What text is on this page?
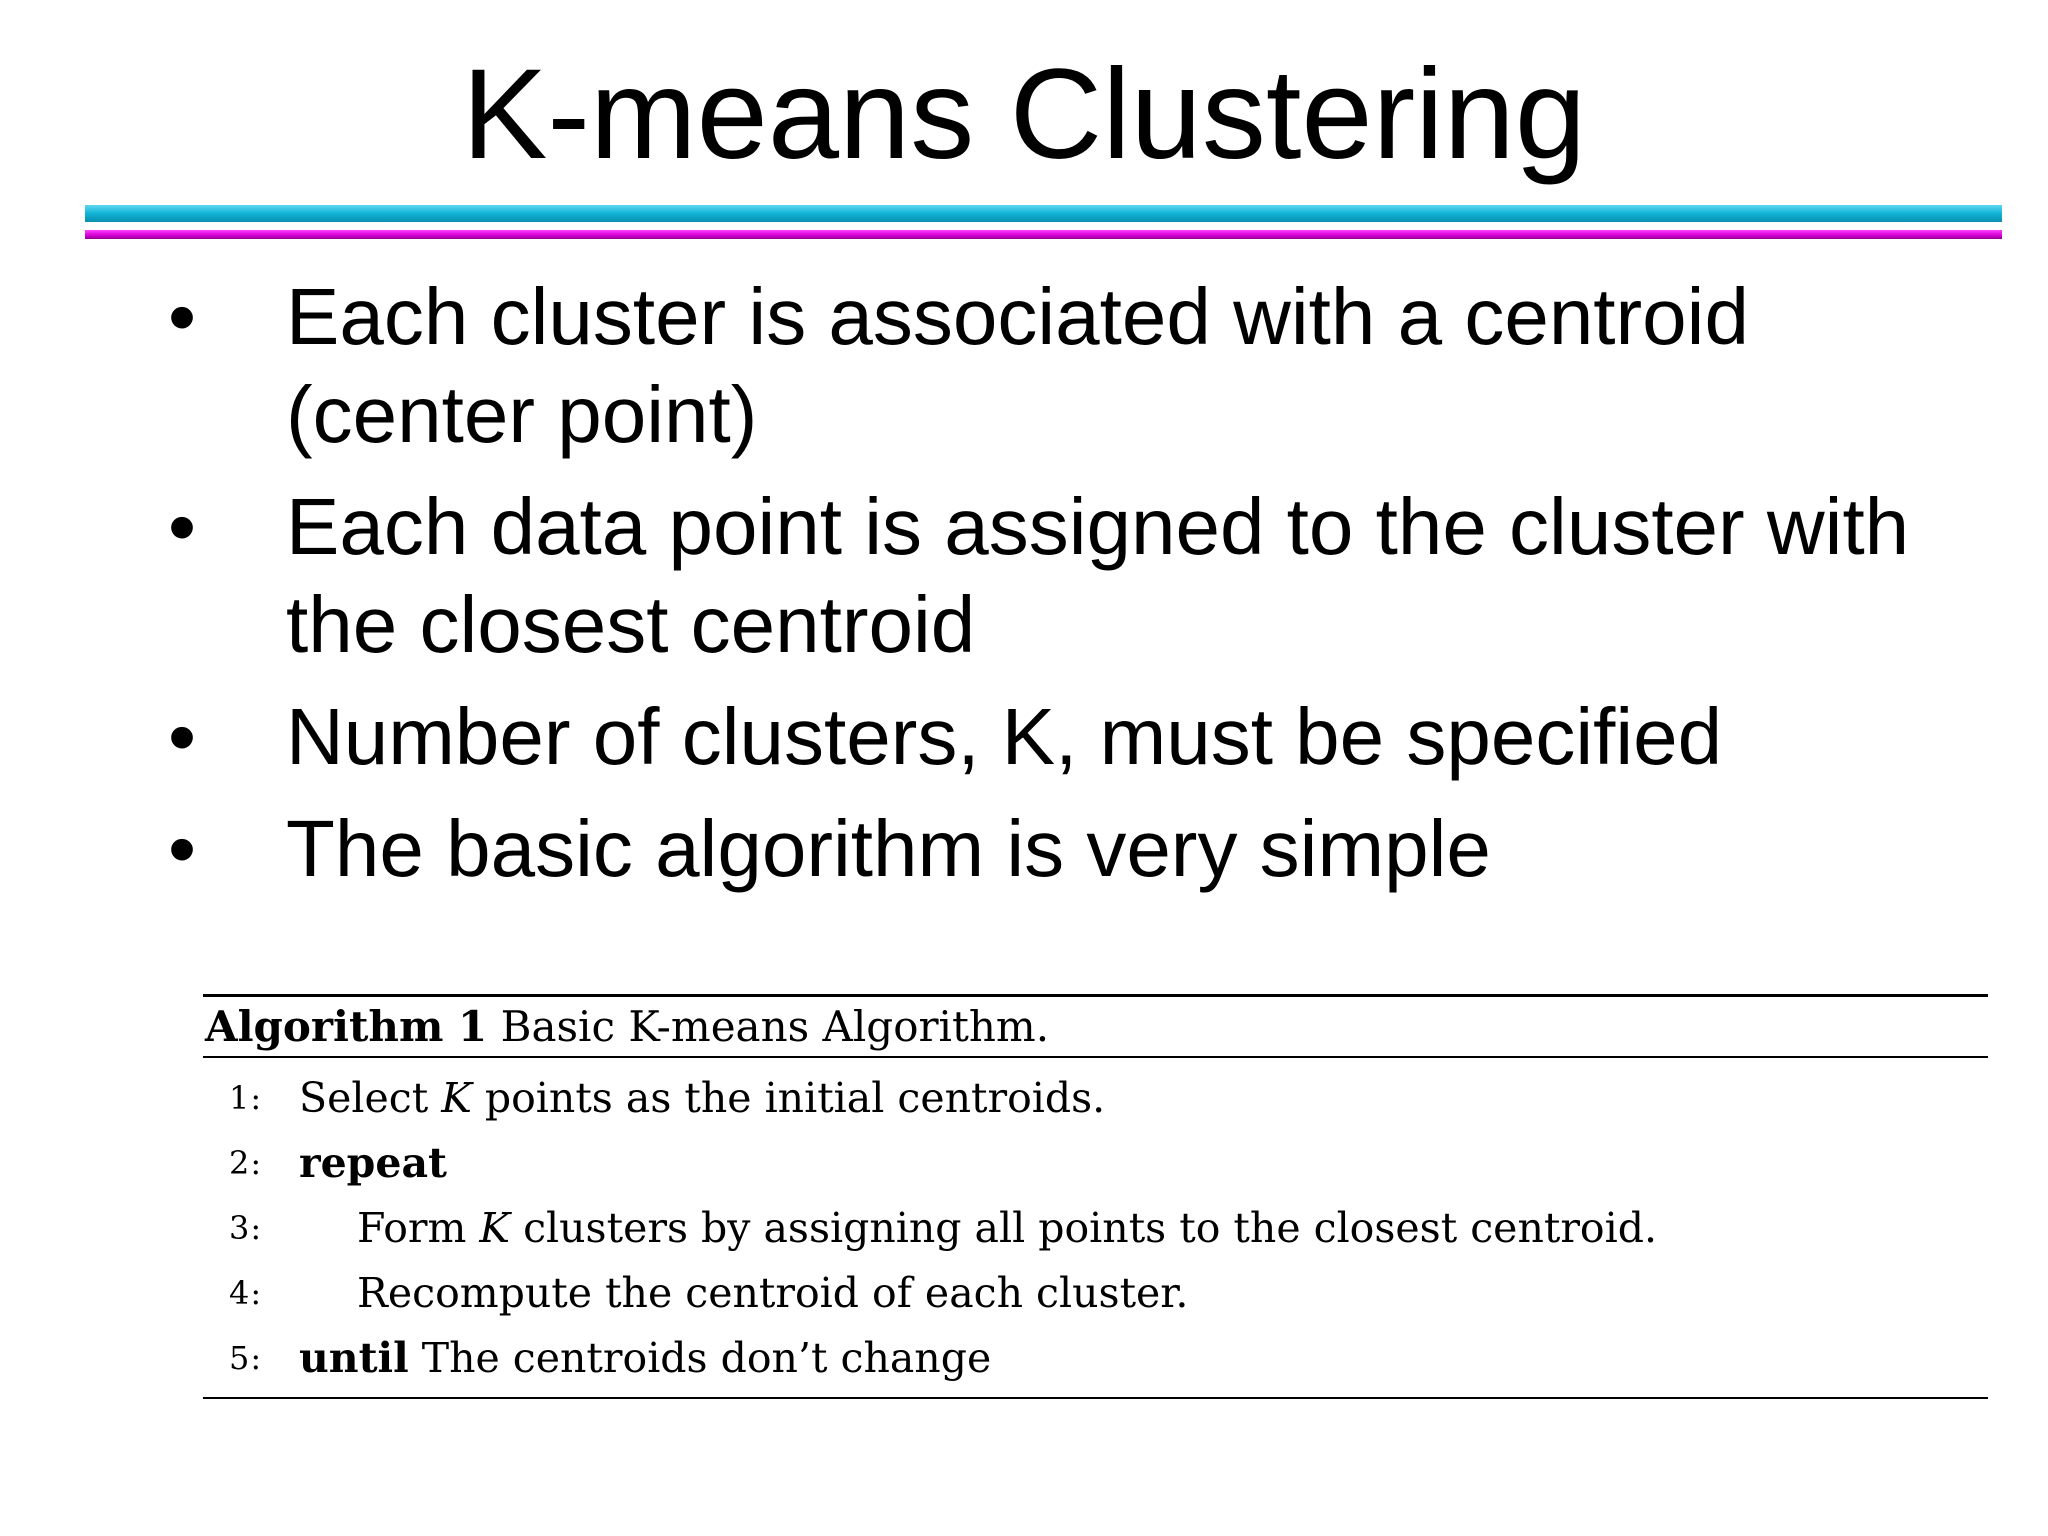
K-means Clustering
• Each cluster is associated with a centroid (center point)
• Each data point is assigned to the cluster with the closest centroid
• Number of clusters, K, must be specified
• The basic algorithm is very simple
Algorithm 1 Basic K-means Algorithm.
1: Select K points as the initial centroids.
2: repeat
3:	Form K clusters by assigning all points to the closest centroid.
4:	Recompute the centroid of each cluster.
5: until The centroids don’t change
